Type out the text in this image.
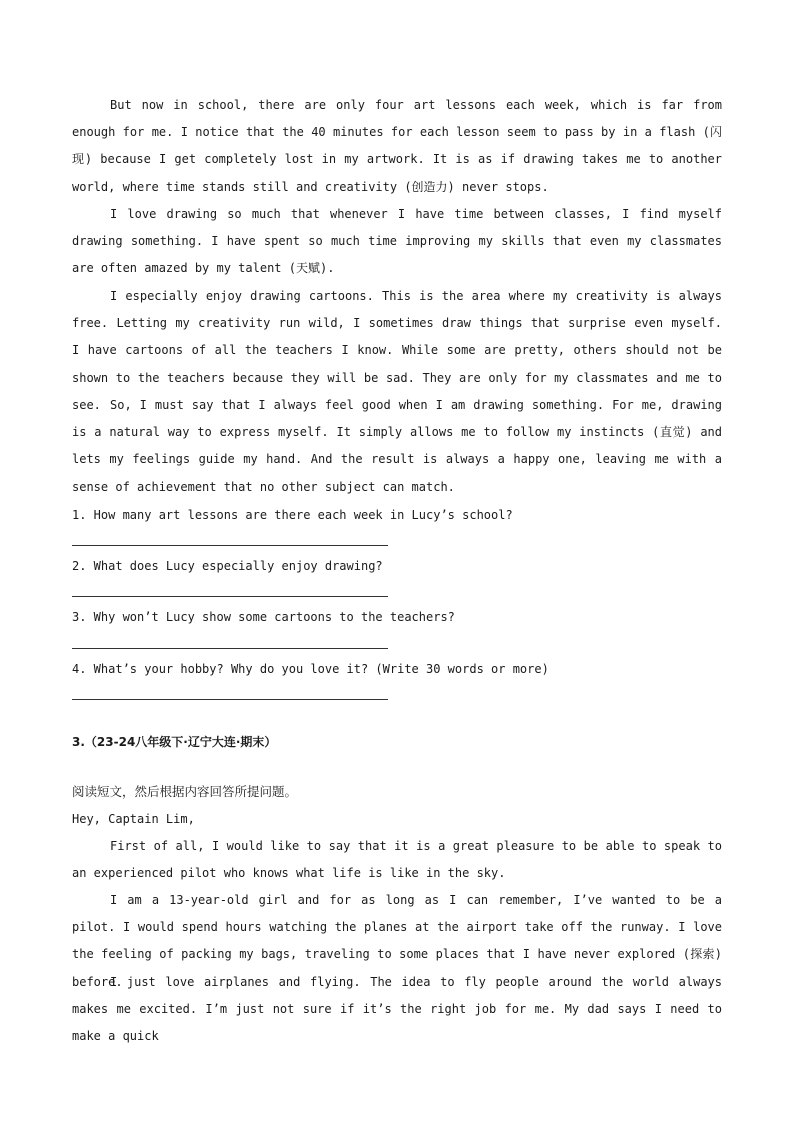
But now in school, there are only four art lessons each week, which is far from enough for me. I notice that the 40 minutes for each lesson seem to pass by in a flash (闪现) because I get completely lost in my artwork. It is as if drawing takes me to another world, where time stands still and creativity (创造力) never stops.

I love drawing so much that whenever I have time between classes, I find myself drawing something. I have spent so much time improving my skills that even my classmates are often amazed by my talent (天赋).

I especially enjoy drawing cartoons. This is the area where my creativity is always free. Letting my creativity run wild, I sometimes draw things that surprise even myself. I have cartoons of all the teachers I know. While some are pretty, others should not be shown to the teachers because they will be sad. They are only for my classmates and me to see. So, I must say that I always feel good when I am drawing something. For me, drawing is a natural way to express myself. It simply allows me to follow my instincts (直觉) and lets my feelings guide my hand. And the result is always a happy one, leaving me with a sense of achievement that no other subject can match.

1. How many art lessons are there each week in Lucy’s school?

2. What does Lucy especially enjoy drawing?

3. Why won’t Lucy show some cartoons to the teachers?

4. What’s your hobby? Why do you love it? (Write 30 words or more)

3.（23-24八年级下·辽宁大连·期末）

阅读短文，然后根据内容回答所提问题。

Hey, Captain Lim,

First of all, I would like to say that it is a great pleasure to be able to speak to an experienced pilot who knows what life is like in the sky.

I am a 13-year-old girl and for as long as I can remember, I’ve wanted to be a pilot. I would spend hours watching the planes at the airport take off the runway. I love the feeling of packing my bags, traveling to some places that I have never explored (探索) before.

I just love airplanes and flying. The idea to fly people around the world always makes me excited. I’m just not sure if it’s the right job for me. My dad says I need to make a quick
